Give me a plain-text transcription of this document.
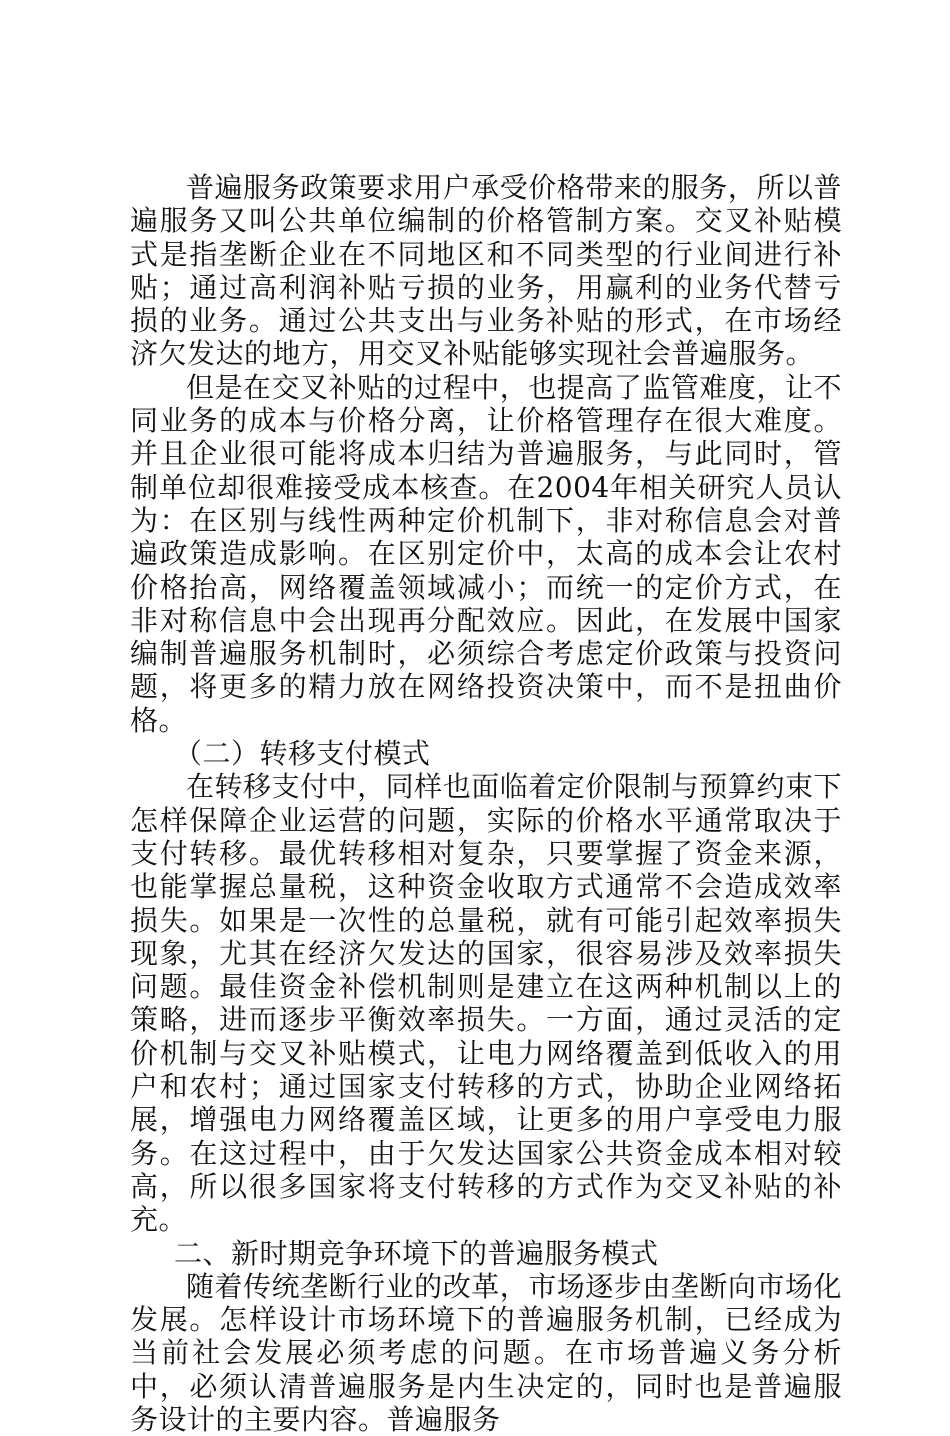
普遍服务政策要求用户承受价格带来的服务，所以普遍服务又叫公共单位编制的价格管制方案。交叉补贴模式是指垄断企业在不同地区和不同类型的行业间进行补贴；通过高利润补贴亏损的业务，用赢利的业务代替亏损的业务。通过公共支出与业务补贴的形式，在市场经济欠发达的地方，用交叉补贴能够实现社会普遍服务。

但是在交叉补贴的过程中，也提高了监管难度，让不同业务的成本与价格分离，让价格管理存在很大难度。并且企业很可能将成本归结为普遍服务，与此同时，管制单位却很难接受成本核查。在2004年相关研究人员认为：在区别与线性两种定价机制下，非对称信息会对普遍政策造成影响。在区别定价中，太高的成本会让农村价格抬高，网络覆盖领域减小；而统一的定价方式，在非对称信息中会出现再分配效应。因此，在发展中国家编制普遍服务机制时，必须综合考虑定价政策与投资问题，将更多的精力放在网络投资决策中，而不是扭曲价格。

（二）转移支付模式

在转移支付中，同样也面临着定价限制与预算约束下怎样保障企业运营的问题，实际的价格水平通常取决于支付转移。最优转移相对复杂，只要掌握了资金来源，也能掌握总量税，这种资金收取方式通常不会造成效率损失。如果是一次性的总量税，就有可能引起效率损失现象，尤其在经济欠发达的国家，很容易涉及效率损失问题。最佳资金补偿机制则是建立在这两种机制以上的策略，进而逐步平衡效率损失。一方面，通过灵活的定价机制与交叉补贴模式，让电力网络覆盖到低收入的用户和农村；通过国家支付转移的方式，协助企业网络拓展，增强电力网络覆盖区域，让更多的用户享受电力服务。在这过程中，由于欠发达国家公共资金成本相对较高，所以很多国家将支付转移的方式作为交叉补贴的补充。

二、新时期竞争环境下的普遍服务模式

随着传统垄断行业的改革，市场逐步由垄断向市场化发展。怎样设计市场环境下的普遍服务机制，已经成为当前社会发展必须考虑的问题。在市场普遍义务分析中，必须认清普遍服务是内生决定的，同时也是普遍服务设计的主要内容。普遍服务
